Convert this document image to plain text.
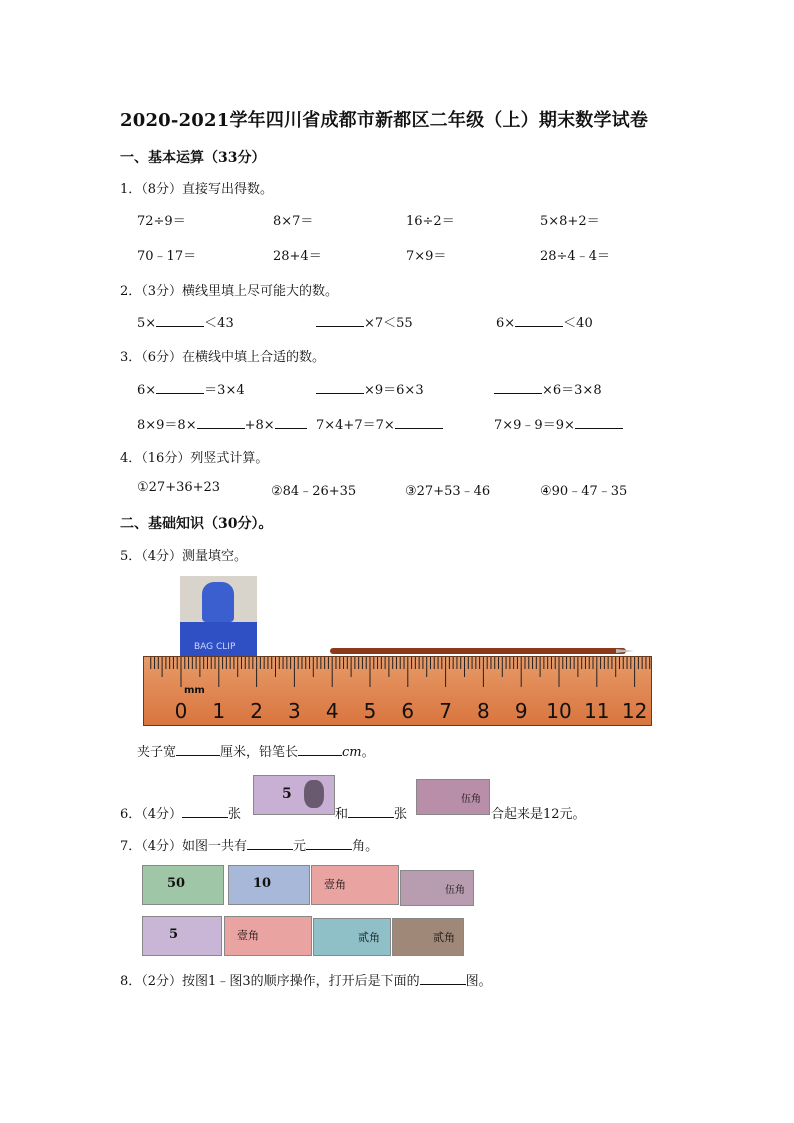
2020-2021学年四川省成都市新都区二年级（上）期末数学试卷
一、基本运算（33分）
1．（8分）直接写出得数。
72÷9＝	8×7＝	16÷2＝	5×8+2＝
70﹣17＝	28+4＝	7×9＝	28÷4﹣4＝
2．（3分）横线里填上尽可能大的数。
5×	＜43	×7＜55	6×	＜40
3．（6分）在横线中填上合适的数。
6×	＝3×4	×9＝6×3	×6＝3×8
8×9＝8×	+8×	7×4+7＝7×	7×9﹣9＝9×
4．（16分）列竖式计算。
①27+36+23	②84﹣26+35	③27+53﹣46	④90﹣47﹣35
二、基础知识（30分）。
5．（4分）测量填空。
BAG CLIP
mm
0 1 2 3 4 5 6 7 8 9 10 11 12
夹子宽	厘米，铅笔长	cm。
5	伍角
6．（4分）	张	和	张	合起来是12元。
7．（4分）如图一共有	元	角。
50	10	壹角	伍角
5	壹角	贰角	贰角
8．（2分）按图1﹣图3的顺序操作，打开后是下面的	图。
